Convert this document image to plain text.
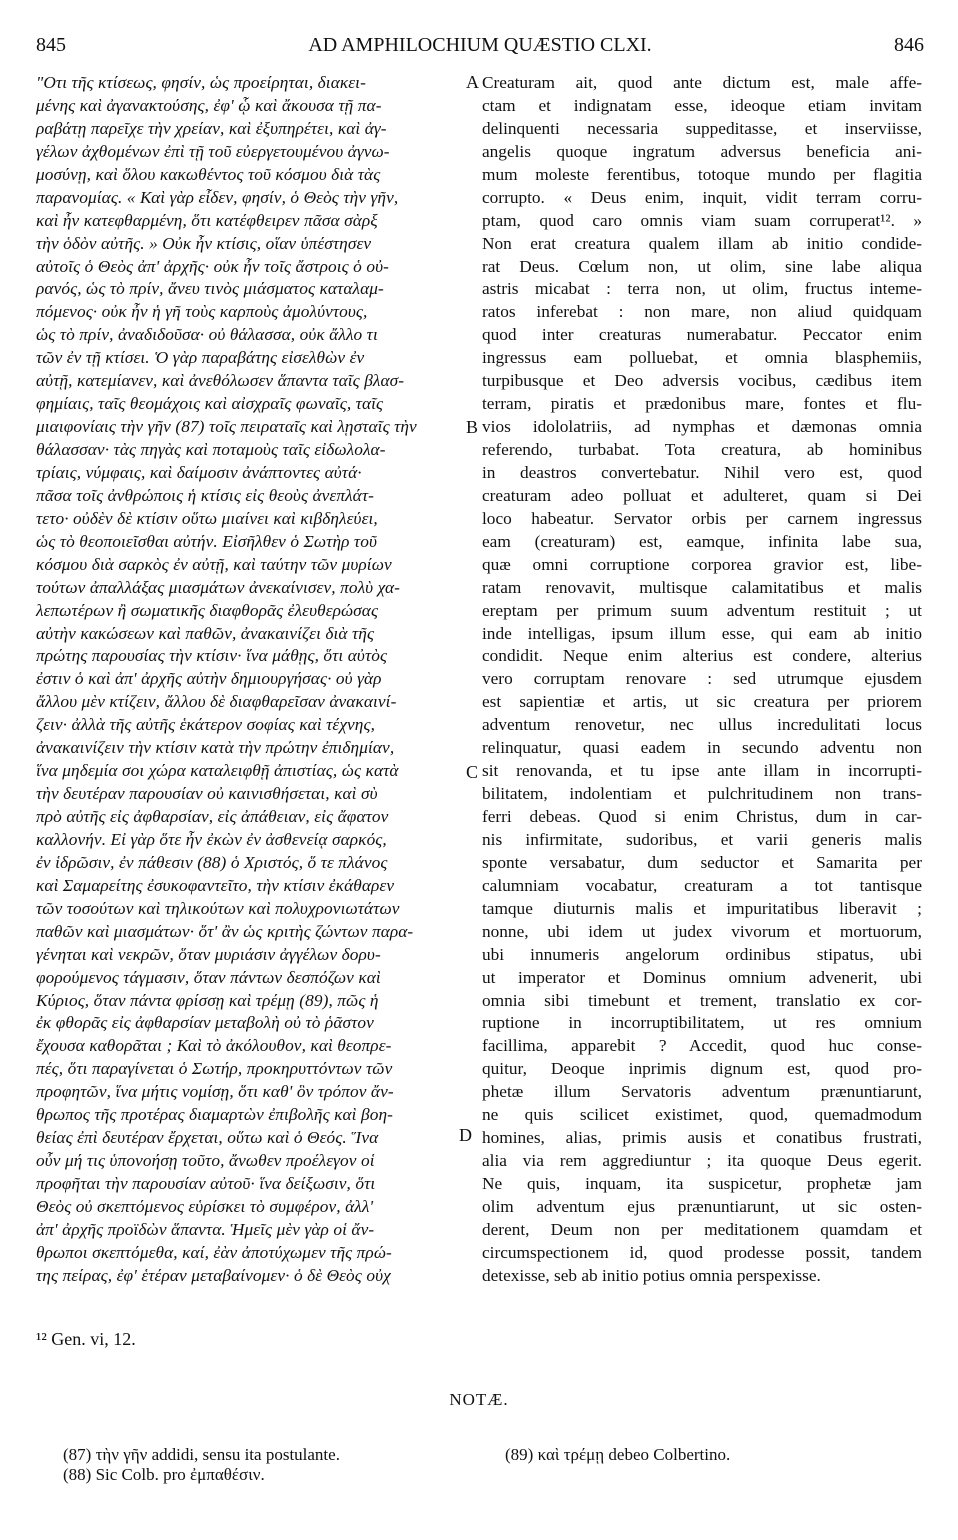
845	AD AMPHILOCHIUM QUÆSTIO CLXI.	846
"Οτι τῆς κτίσεως, φησίν, ὡς προείρηται, διακει-
μένης καὶ ἀγανακτούσης, ἐφ' ᾧ καὶ ἄκουσα τῇ πα-
ραβάτῃ παρεῖχε τὴν χρείαν, καὶ ἐξυπηρέτει, καὶ ἀγ-
γέλων ἀχθομένων ἐπὶ τῇ τοῦ εὐεργετουμένου ἀγνω-
μοσύνῃ, καὶ ὅλου κακωθέντος τοῦ κόσμου διὰ τὰς
παρανομίας. « Καὶ γὰρ εἶδεν, φησίν, ὁ Θεὸς τὴν γῆν,
καὶ ἦν κατεφθαρμένη, ὅτι κατέφθειρεν πᾶσα σὰρξ
τὴν ὁδὸν αὐτῆς. » Οὐκ ἦν κτίσις, οἵαν ὑπέστησεν
αὐτοῖς ὁ Θεὸς ἀπ' ἀρχῆς· οὐκ ἦν τοῖς ἄστροις ὁ οὐ-
ρανός, ὡς τὸ πρίν, ἄνευ τινὸς μιάσματος καταλαμ-
πόμενος· οὐκ ἦν ἡ γῆ τοὺς καρποὺς ἀμολύντους,
ὡς τὸ πρίν, ἀναδιδοῦσα· οὐ θάλασσα, οὐκ ἄλλο τι
τῶν ἐν τῇ κτίσει. Ὁ γὰρ παραβάτης εἰσελθὼν ἐν
αὐτῇ, κατεμίανεν, καὶ ἀνεθόλωσεν ἅπαντα ταῖς βλασ-
φημίαις, ταῖς θεομάχοις καὶ αἰσχραῖς φωναῖς, ταῖς
μιαιφονίαις τὴν γῆν (87) τοῖς πειραταῖς καὶ λῃσταῖς τὴν
θάλασσαν· τὰς πηγὰς καὶ ποταμοὺς ταῖς εἰδωλολα-
τρίαις, νύμφαις, καὶ δαίμοσιν ἀνάπτοντες αὐτά·
πᾶσα τοῖς ἀνθρώποις ἡ κτίσις εἰς θεοὺς ἀνεπλάτ-
τετο· οὐδὲν δὲ κτίσιν οὕτω μιαίνει καὶ κιβδηλεύει,
ὡς τὸ θεοποιεῖσθαι αὐτήν. Εἰσῆλθεν ὁ Σωτὴρ τοῦ
κόσμου διὰ σαρκὸς ἐν αὐτῇ, καὶ ταύτην τῶν μυρίων
τούτων ἀπαλλάξας μιασμάτων ἀνεκαίνισεν, πολὺ χα-
λεπωτέρων ἢ σωματικῆς διαφθορᾶς ἐλευθερώσας
αὐτὴν κακώσεων καὶ παθῶν, ἀνακαινίζει διὰ τῆς
πρώτης παρουσίας τὴν κτίσιν· ἵνα μάθῃς, ὅτι αὐτὸς
ἐστιν ὁ καὶ ἀπ' ἀρχῆς αὐτὴν δημιουργήσας· οὐ γὰρ
ἄλλου μὲν κτίζειν, ἄλλου δὲ διαφθαρεῖσαν ἀνακαινί-
ζειν· ἀλλὰ τῆς αὐτῆς ἑκάτερον σοφίας καὶ τέχνης,
ἀνακαινίζειν τὴν κτίσιν κατὰ τὴν πρώτην ἐπιδημίαν,
ἵνα μηδεμία σοι χώρα καταλειφθῇ ἀπιστίας, ὡς κατὰ
τὴν δευτέραν παρουσίαν οὐ καινισθήσεται, καὶ σὺ
πρὸ αὐτῆς εἰς ἀφθαρσίαν, εἰς ἀπάθειαν, εἰς ἄφατον
καλλονήν. Εἰ γὰρ ὅτε ἦν ἐκὼν ἐν ἀσθενείᾳ σαρκός,
ἐν ἱδρῶσιν, ἐν πάθεσιν (88) ὁ Χριστός, ὅ τε πλάνος
καὶ Σαμαρείτης ἐσυκοφαντεῖτο, τὴν κτίσιν ἐκάθαρεν
τῶν τοσούτων καὶ τηλικούτων καὶ πολυχρονιωτάτων
παθῶν καὶ μιασμάτων· ὅτ' ἂν ὡς κριτὴς ζώντων παρα-
γένηται καὶ νεκρῶν, ὅταν μυριάσιν ἀγγέλων δορυ-
φορούμενος τάγμασιν, ὅταν πάντων δεσπόζων καὶ
Κύριος, ὅταν πάντα φρίσσῃ καὶ τρέμῃ (89), πῶς ἡ
ἐκ φθορᾶς εἰς ἀφθαρσίαν μεταβολὴ οὐ τὸ ῥᾶστον
ἔχουσα καθορᾶται ; Καὶ τὸ ἀκόλουθον, καὶ θεοπρε-
πές, ὅτι παραγίνεται ὁ Σωτήρ, προκηρυττόντων τῶν
προφητῶν, ἵνα μήτις νομίσῃ, ὅτι καθ' ὃν τρόπον ἄν-
θρωπος τῆς προτέρας διαμαρτὼν ἐπιβολῆς καὶ βοη-
θείας ἐπὶ δευτέραν ἔρχεται, οὕτω καὶ ὁ Θεός. Ἵνα
οὖν μή τις ὑπονοήσῃ τοῦτο, ἄνωθεν προέλεγον οἱ
προφῆται τὴν παρουσίαν αὐτοῦ· ἵνα δείξωσιν, ὅτι
Θεὸς οὐ σκεπτόμενος εὑρίσκει τὸ συμφέρον, ἀλλ'
ἀπ' ἀρχῆς προϊδὼν ἅπαντα. Ἡμεῖς μὲν γὰρ οἱ ἄν-
θρωποι σκεπτόμεθα, καί, ἐὰν ἀποτύχωμεν τῆς πρώ-
της πείρας, ἐφ' ἑτέραν μεταβαίνομεν· ὁ δὲ Θεὸς οὐχ
Creaturam ait, quod ante dictum est, male affe-
ctam et indignatam esse, ideoque etiam invitam
delinquenti necessaria suppeditasse, et inserviisse,
angelis quoque ingratum adversus beneficia ani-
mum moleste ferentibus, totoque mundo per flagitia
corrupto. « Deus enim, inquit, vidit terram corru-
ptam, quod caro omnis viam suam corruperat¹². »
Non erat creatura qualem illam ab initio condide-
rat Deus. Cœlum non, ut olim, sine labe aliqua
astris micabat : terra non, ut olim, fructus inteme-
ratos inferebat : non mare, non aliud quidquam
quod inter creaturas numerabatur. Peccator enim
ingressus eam polluebat, et omnia blasphemiis,
turpibusque et Deo adversis vocibus, cædibus item
terram, piratis et prædonibus mare, fontes et flu-
vios idololatriis, ad nymphas et dæmonas omnia
referendo, turbabat. Tota creatura, ab hominibus
in deastros convertebatur. Nihil vero est, quod
creaturam adeo polluat et adulteret, quam si Dei
loco habeatur. Servator orbis per carnem ingressus
eam (creaturam) est, eamque, infinita labe sua,
quæ omni corruptione corporea gravior est, libe-
ratam renovavit, multisque calamitatibus et malis
ereptam per primum suum adventum restituit ; ut
inde intelligas, ipsum illum esse, qui eam ab initio
condidit. Neque enim alterius est condere, alterius
vero corruptam renovare : sed utrumque ejusdem
est sapientiæ et artis, ut sic creatura per priorem
adventum renovetur, nec ullus incredulitati locus
relinquatur, quasi eadem in secundo adventu non
sit renovanda, et tu ipse ante illam in incorrupti-
bilitatem, indolentiam et pulchritudinem non trans-
ferri debeas. Quod si enim Christus, dum in car-
nis infirmitate, sudoribus, et varii generis malis
sponte versabatur, dum seductor et Samarita per
calumniam vocabatur, creaturam a tot tantisque
tamque diuturnis malis et impuritatibus liberavit ;
nonne, ubi idem ut judex vivorum et mortuorum,
ubi innumeris angelorum ordinibus stipatus, ubi
ut imperator et Dominus omnium advenerit, ubi
omnia sibi timebunt et trement, translatio ex cor-
ruptione in incorruptibilitatem, ut res omnium
facillima, apparebit ? Accedit, quod huc conse-
quitur, Deoque inprimis dignum est, quod pro-
phetæ illum Servatoris adventum prænuntiarunt,
ne quis scilicet existimet, quod, quemadmodum
homines, alias, primis ausis et conatibus frustrati,
alia via rem aggrediuntur ; ita quoque Deus egerit.
Ne quis, inquam, ita suspicetur, prophetæ jam
olim adventum ejus prænuntiarunt, ut sic osten-
derent, Deum non per meditationem quamdam et
circumspectionem id, quod prodesse possit, tandem
detexisse, seb ab initio potius omnia perspexisse.
A
B
C
D
¹² Gen. vi, 12.
NOTÆ.
(87) τὴν γῆν addidi, sensu ita postulante.
(88) Sic Colb. pro ἐμπαθέσιν.
(89) καὶ τρέμῃ debeo Colbertino.
